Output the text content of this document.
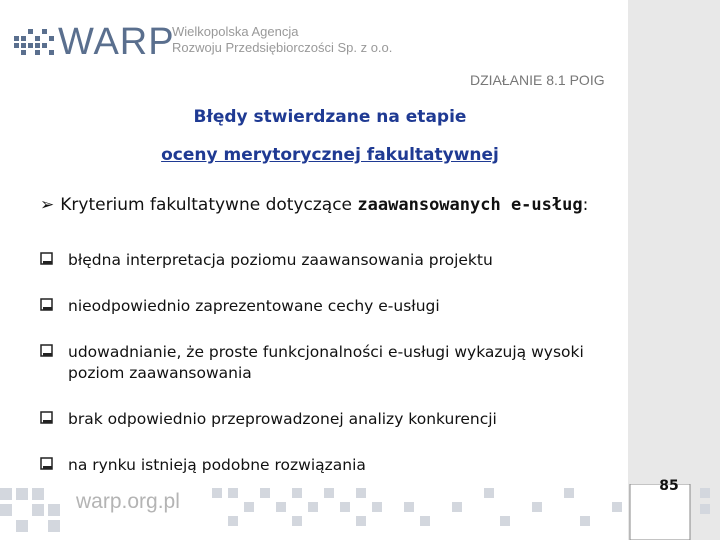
WARP
Wielkopolska Agencja
Rozwoju Przedsiębiorczości Sp. z o.o.
DZIAŁANIE 8.1 POIG
Błędy stwierdzane na etapie
oceny merytorycznej fakultatywnej
➢ Kryterium fakultatywne dotyczące zaawansowanych e-usług:
błędna interpretacja poziomu zaawansowania projektu
nieodpowiednio zaprezentowane cechy e-usługi
udowadnianie, że proste funkcjonalności e-usługi wykazują wysoki poziom zaawansowania
brak odpowiednio przeprowadzonej analizy konkurencji
na rynku istnieją podobne rozwiązania
warp.org.pl
85
